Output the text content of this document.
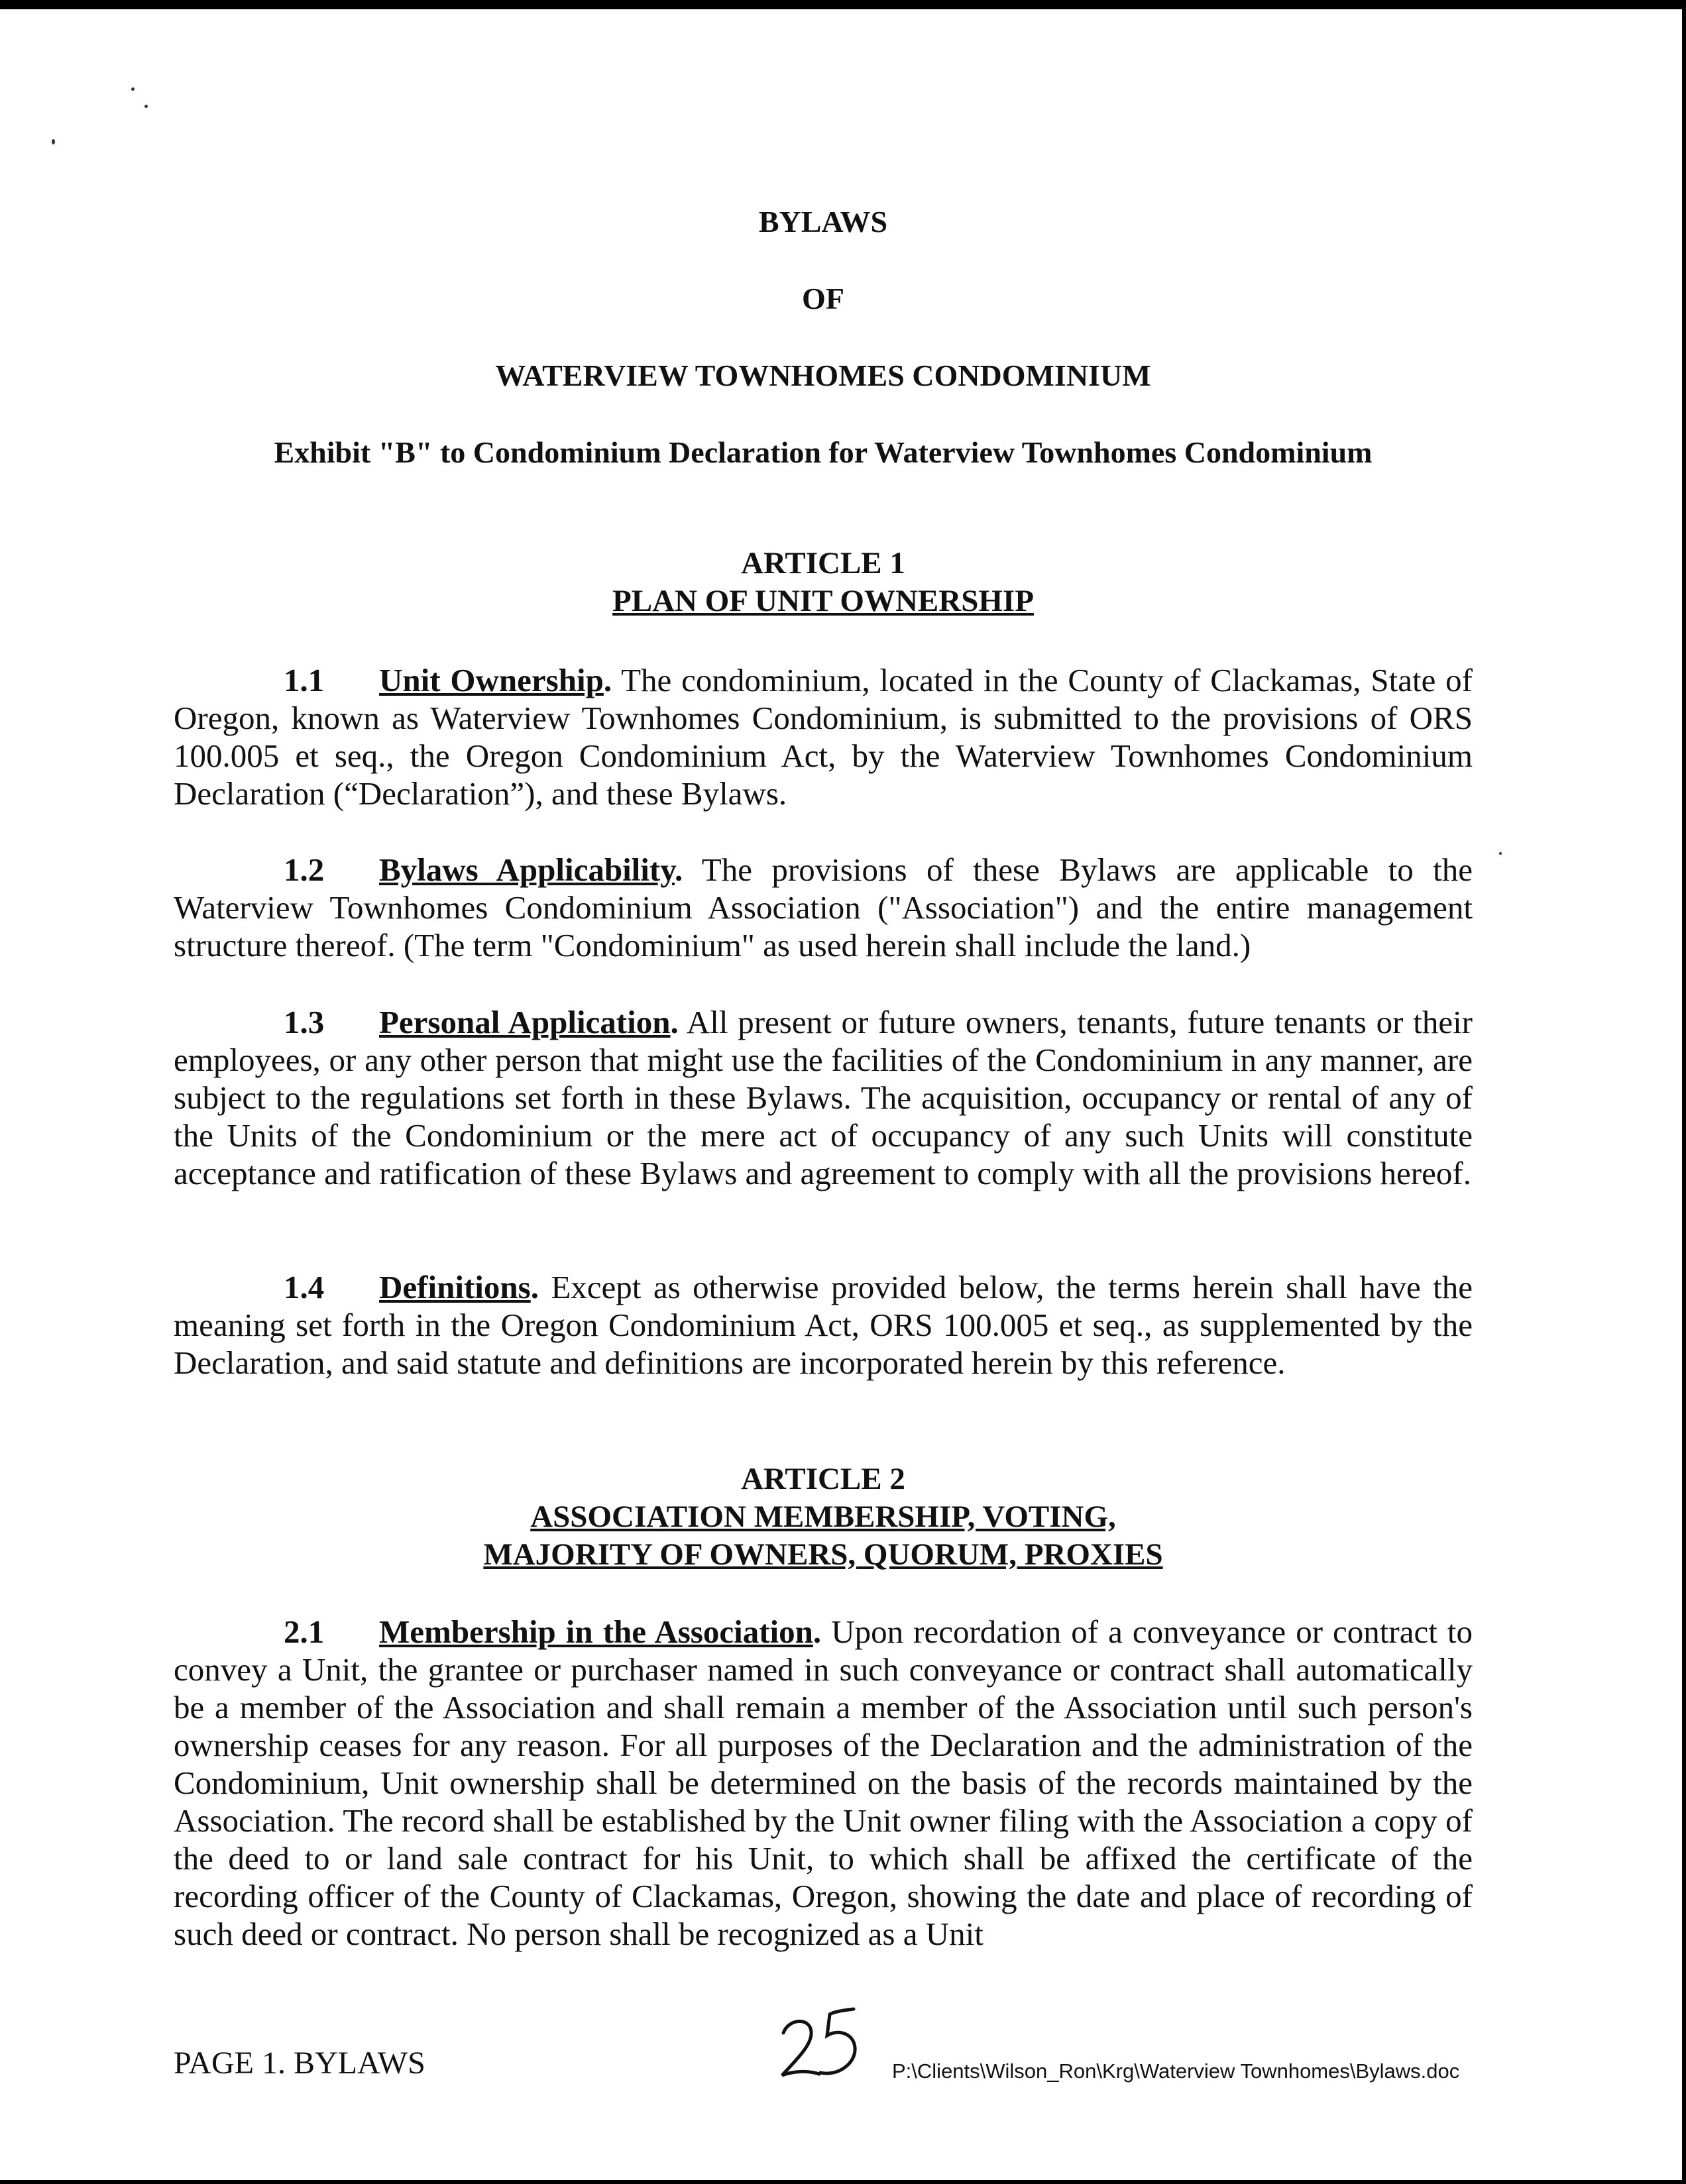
BYLAWS
OF
WATERVIEW TOWNHOMES CONDOMINIUM
Exhibit "B" to Condominium Declaration for Waterview Townhomes Condominium
ARTICLE 1
PLAN OF UNIT OWNERSHIP
1.1 Unit Ownership. The condominium, located in the County of Clackamas, State of Oregon, known as Waterview Townhomes Condominium, is submitted to the provisions of ORS 100.005 et seq., the Oregon Condominium Act, by the Waterview Townhomes Condominium Declaration (“Declaration”), and these Bylaws.
1.2 Bylaws Applicability. The provisions of these Bylaws are applicable to the Waterview Townhomes Condominium Association ("Association") and the entire management structure thereof. (The term "Condominium" as used herein shall include the land.)
1.3 Personal Application. All present or future owners, tenants, future tenants or their employees, or any other person that might use the facilities of the Condominium in any manner, are subject to the regulations set forth in these Bylaws. The acquisition, occupancy or rental of any of the Units of the Condominium or the mere act of occupancy of any such Units will constitute acceptance and ratification of these Bylaws and agreement to comply with all the provisions hereof.
1.4 Definitions. Except as otherwise provided below, the terms herein shall have the meaning set forth in the Oregon Condominium Act, ORS 100.005 et seq., as supplemented by the Declaration, and said statute and definitions are incorporated herein by this reference.
ARTICLE 2
ASSOCIATION MEMBERSHIP, VOTING,
MAJORITY OF OWNERS, QUORUM, PROXIES
2.1 Membership in the Association. Upon recordation of a conveyance or contract to convey a Unit, the grantee or purchaser named in such conveyance or contract shall automatically be a member of the Association and shall remain a member of the Association until such person's ownership ceases for any reason. For all purposes of the Declaration and the administration of the Condominium, Unit ownership shall be determined on the basis of the records maintained by the Association. The record shall be established by the Unit owner filing with the Association a copy of the deed to or land sale contract for his Unit, to which shall be affixed the certificate of the recording officer of the County of Clackamas, Oregon, showing the date and place of recording of such deed or contract. No person shall be recognized as a Unit
PAGE 1. BYLAWS	P:\Clients\Wilson_Ron\Krg\Waterview Townhomes\Bylaws.doc
